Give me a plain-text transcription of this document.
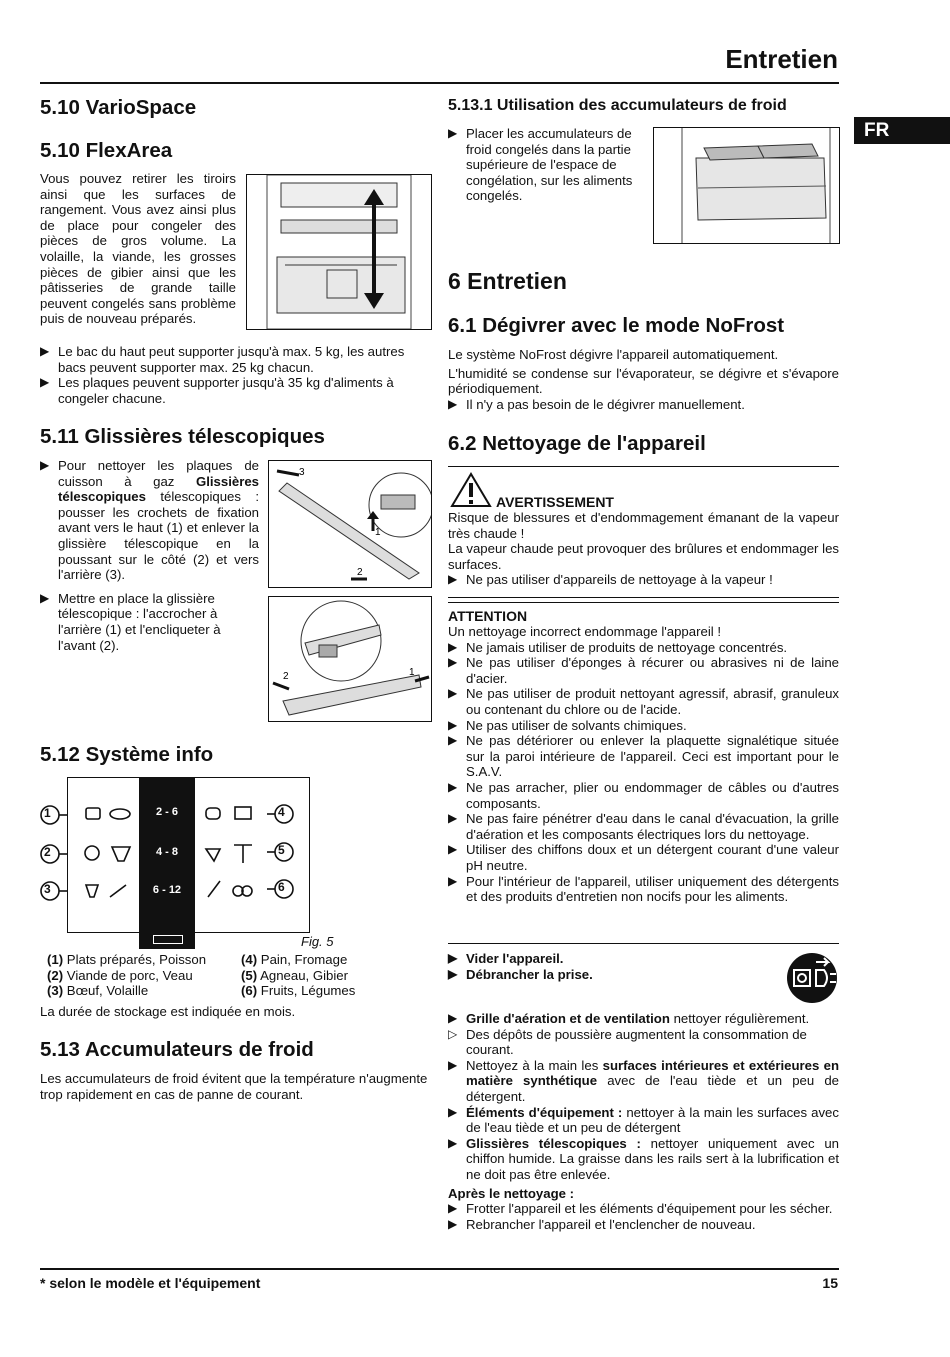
Entretien
FR
5.10 VarioSpace
5.10 FlexArea

Vous pouvez retirer les tiroirs ainsi que les surfaces de rangement. Vous avez ainsi plus de place pour congeler des pièces de gros volume. La volaille, la viande, les grosses pièces de gibier ainsi que les pâtisseries de grande taille peuvent congelés sans problème puis de nouveau préparés.

▶ Le bac du haut peut supporter jusqu'à max. 5 kg, les autres bacs peuvent supporter max. 25 kg chacun.
▶ Les plaques peuvent supporter jusqu'à 35 kg d'aliments à congeler chacune.
5.11 Glissières télescopiques
▶ Pour nettoyer les plaques de cuisson à gaz Glissières télescopiques télescopiques : pousser les crochets de fixation avant vers le haut (1) et enlever la glissière télescopique en la poussant sur le côté (2) et vers l'arrière (3).
▶ Mettre en place la glissière télescopique : l'accrocher à l'arrière (1) et l'encliqueter à l'avant (2).
3
1
2
2	1
5.12 Système info
2 - 6
4 - 8
6 - 12
1
2
3
4
5
6
Fig. 5
(1) Plats préparés, Poisson	(4) Pain, Fromage
(2) Viande de porc, Veau	(5) Agneau, Gibier
(3) Bœuf, Volaille	(6) Fruits, Légumes

La durée de stockage est indiquée en mois.

5.13 Accumulateurs de froid

Les accumulateurs de froid évitent que la température n'augmente trop rapidement en cas de panne de courant.

5.13.1 Utilisation des accumulateurs de froid
▶ Placer les accumulateurs de froid congelés dans la partie supérieure de l'espace de congélation, sur les aliments congelés.
6 Entretien
6.1 Dégivrer avec le mode NoFrost

Le système NoFrost dégivre l'appareil automatiquement.

L'humidité se condense sur l'évaporateur, se dégivre et s'évapore périodiquement.

▶ Il n'y a pas besoin de le dégivrer manuellement.
6.2 Nettoyage de l'appareil
AVERTISSEMENT

Risque de blessures et d'endommagement émanant de la vapeur très chaude !

La vapeur chaude peut provoquer des brûlures et endommager les surfaces.

▶ Ne pas utiliser d'appareils de nettoyage à la vapeur !
ATTENTION

Un nettoyage incorrect endommage l'appareil !

▶ Ne jamais utiliser de produits de nettoyage concentrés.
▶ Ne pas utiliser d'éponges à récurer ou abrasives ni de laine d'acier.
▶ Ne pas utiliser de produit nettoyant agressif, abrasif, granuleux ou contenant du chlore ou de l'acide.
▶ Ne pas utiliser de solvants chimiques.
▶ Ne pas détériorer ou enlever la plaquette signalétique située sur la paroi intérieure de l'appareil. Ceci est important pour le S.A.V.
▶ Ne pas arracher, plier ou endommager de câbles ou d'autres composants.
▶ Ne pas faire pénétrer d'eau dans le canal d'évacuation, la grille d'aération et les composants électriques lors du nettoyage.
▶ Utiliser des chiffons doux et un détergent courant d'une valeur pH neutre.
▶ Pour l'intérieur de l'appareil, utiliser uniquement des détergents et des produits d'entretien non nocifs pour les aliments.
▶ Vider l'appareil.
▶ Débrancher la prise.
▶ Grille d'aération et de ventilation nettoyer régulièrement.
▷ Des dépôts de poussière augmentent la consommation de courant.
▶ Nettoyez à la main les surfaces intérieures et extérieures en matière synthétique avec de l'eau tiède et un peu de détergent.
▶ Éléments d'équipement : nettoyer à la main les surfaces avec de l'eau tiède et un peu de détergent
▶ Glissières télescopiques : nettoyer uniquement avec un chiffon humide. La graisse dans les rails sert à la lubrification et ne doit pas être enlevée.

Après le nettoyage :

▶ Frotter l'appareil et les éléments d'équipement pour les sécher.
▶ Rebrancher l'appareil et l'enclencher de nouveau.
* selon le modèle et l'équipement	15
